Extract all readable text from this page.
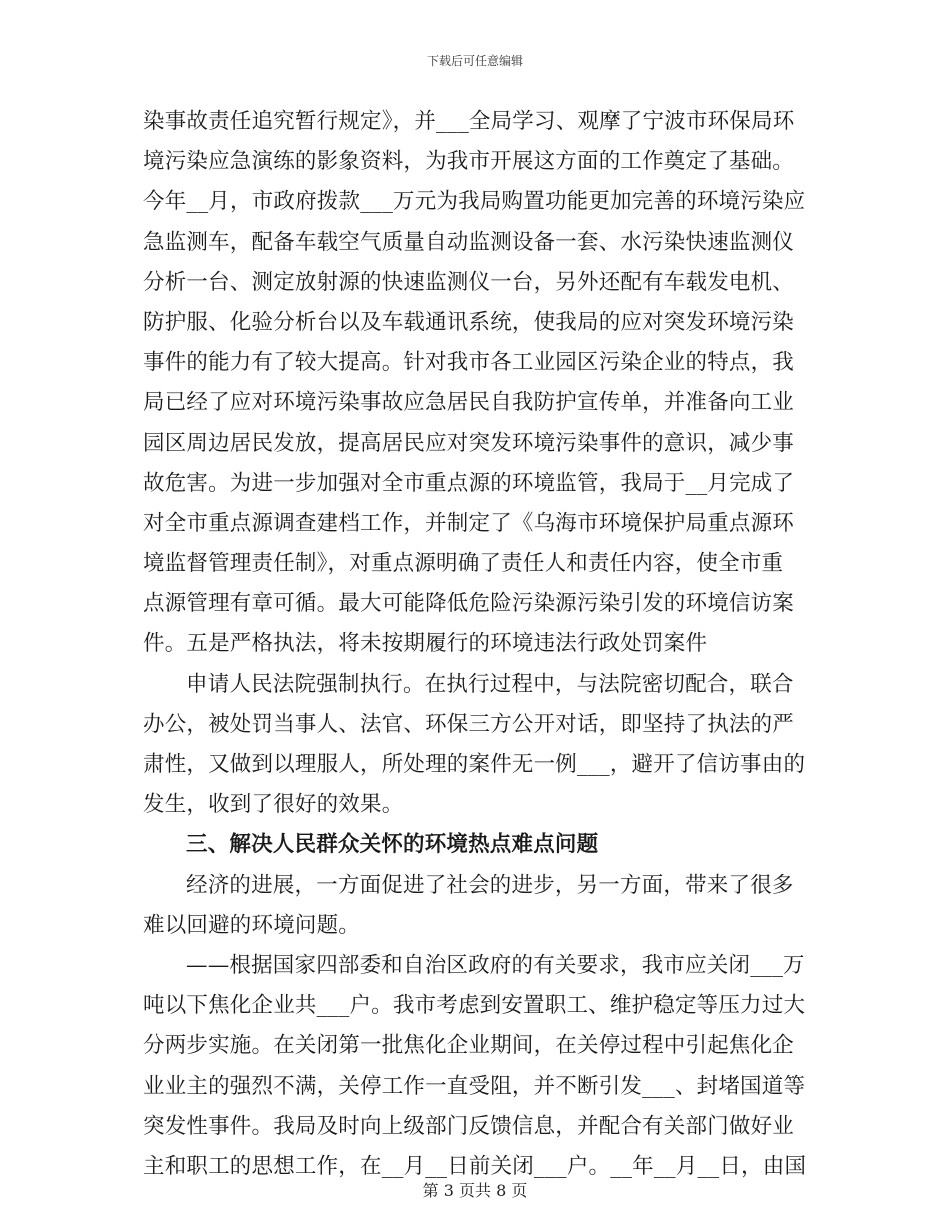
下载后可任意编辑
染事故责任追究暂行规定》，并___全局学习、观摩了宁波市环保局环
境污染应急演练的影象资料，为我市开展这方面的工作奠定了基础。
今年__月，市政府拨款___万元为我局购置功能更加完善的环境污染应
急监测车，配备车载空气质量自动监测设备一套、水污染快速监测仪
分析一台、测定放射源的快速监测仪一台，另外还配有车载发电机、
防护服、化验分析台以及车载通讯系统，使我局的应对突发环境污染
事件的能力有了较大提高。针对我市各工业园区污染企业的特点，我
局已经了应对环境污染事故应急居民自我防护宣传单，并准备向工业
园区周边居民发放，提高居民应对突发环境污染事件的意识，减少事
故危害。为进一步加强对全市重点源的环境监管，我局于__月完成了
对全市重点源调查建档工作，并制定了《乌海市环境保护局重点源环
境监督管理责任制》，对重点源明确了责任人和责任内容，使全市重
点源管理有章可循。最大可能降低危险污染源污染引发的环境信访案
件。五是严格执法，将未按期履行的环境违法行政处罚案件
申请人民法院强制执行。在执行过程中，与法院密切配合，联合
办公，被处罚当事人、法官、环保三方公开对话，即坚持了执法的严
肃性，又做到以理服人，所处理的案件无一例___，避开了信访事由的
发生，收到了很好的效果。
三、解决人民群众关怀的环境热点难点问题
经济的进展，一方面促进了社会的进步，另一方面，带来了很多
难以回避的环境问题。
——根据国家四部委和自治区政府的有关要求，我市应关闭___万
吨以下焦化企业共___户。我市考虑到安置职工、维护稳定等压力过大
分两步实施。在关闭第一批焦化企业期间，在关停过程中引起焦化企
业业主的强烈不满，关停工作一直受阻，并不断引发___、封堵国道等
突发性事件。我局及时向上级部门反馈信息，并配合有关部门做好业
主和职工的思想工作，在__月__日前关闭___户。__年__月__日，由国
第 3 页共 8 页
